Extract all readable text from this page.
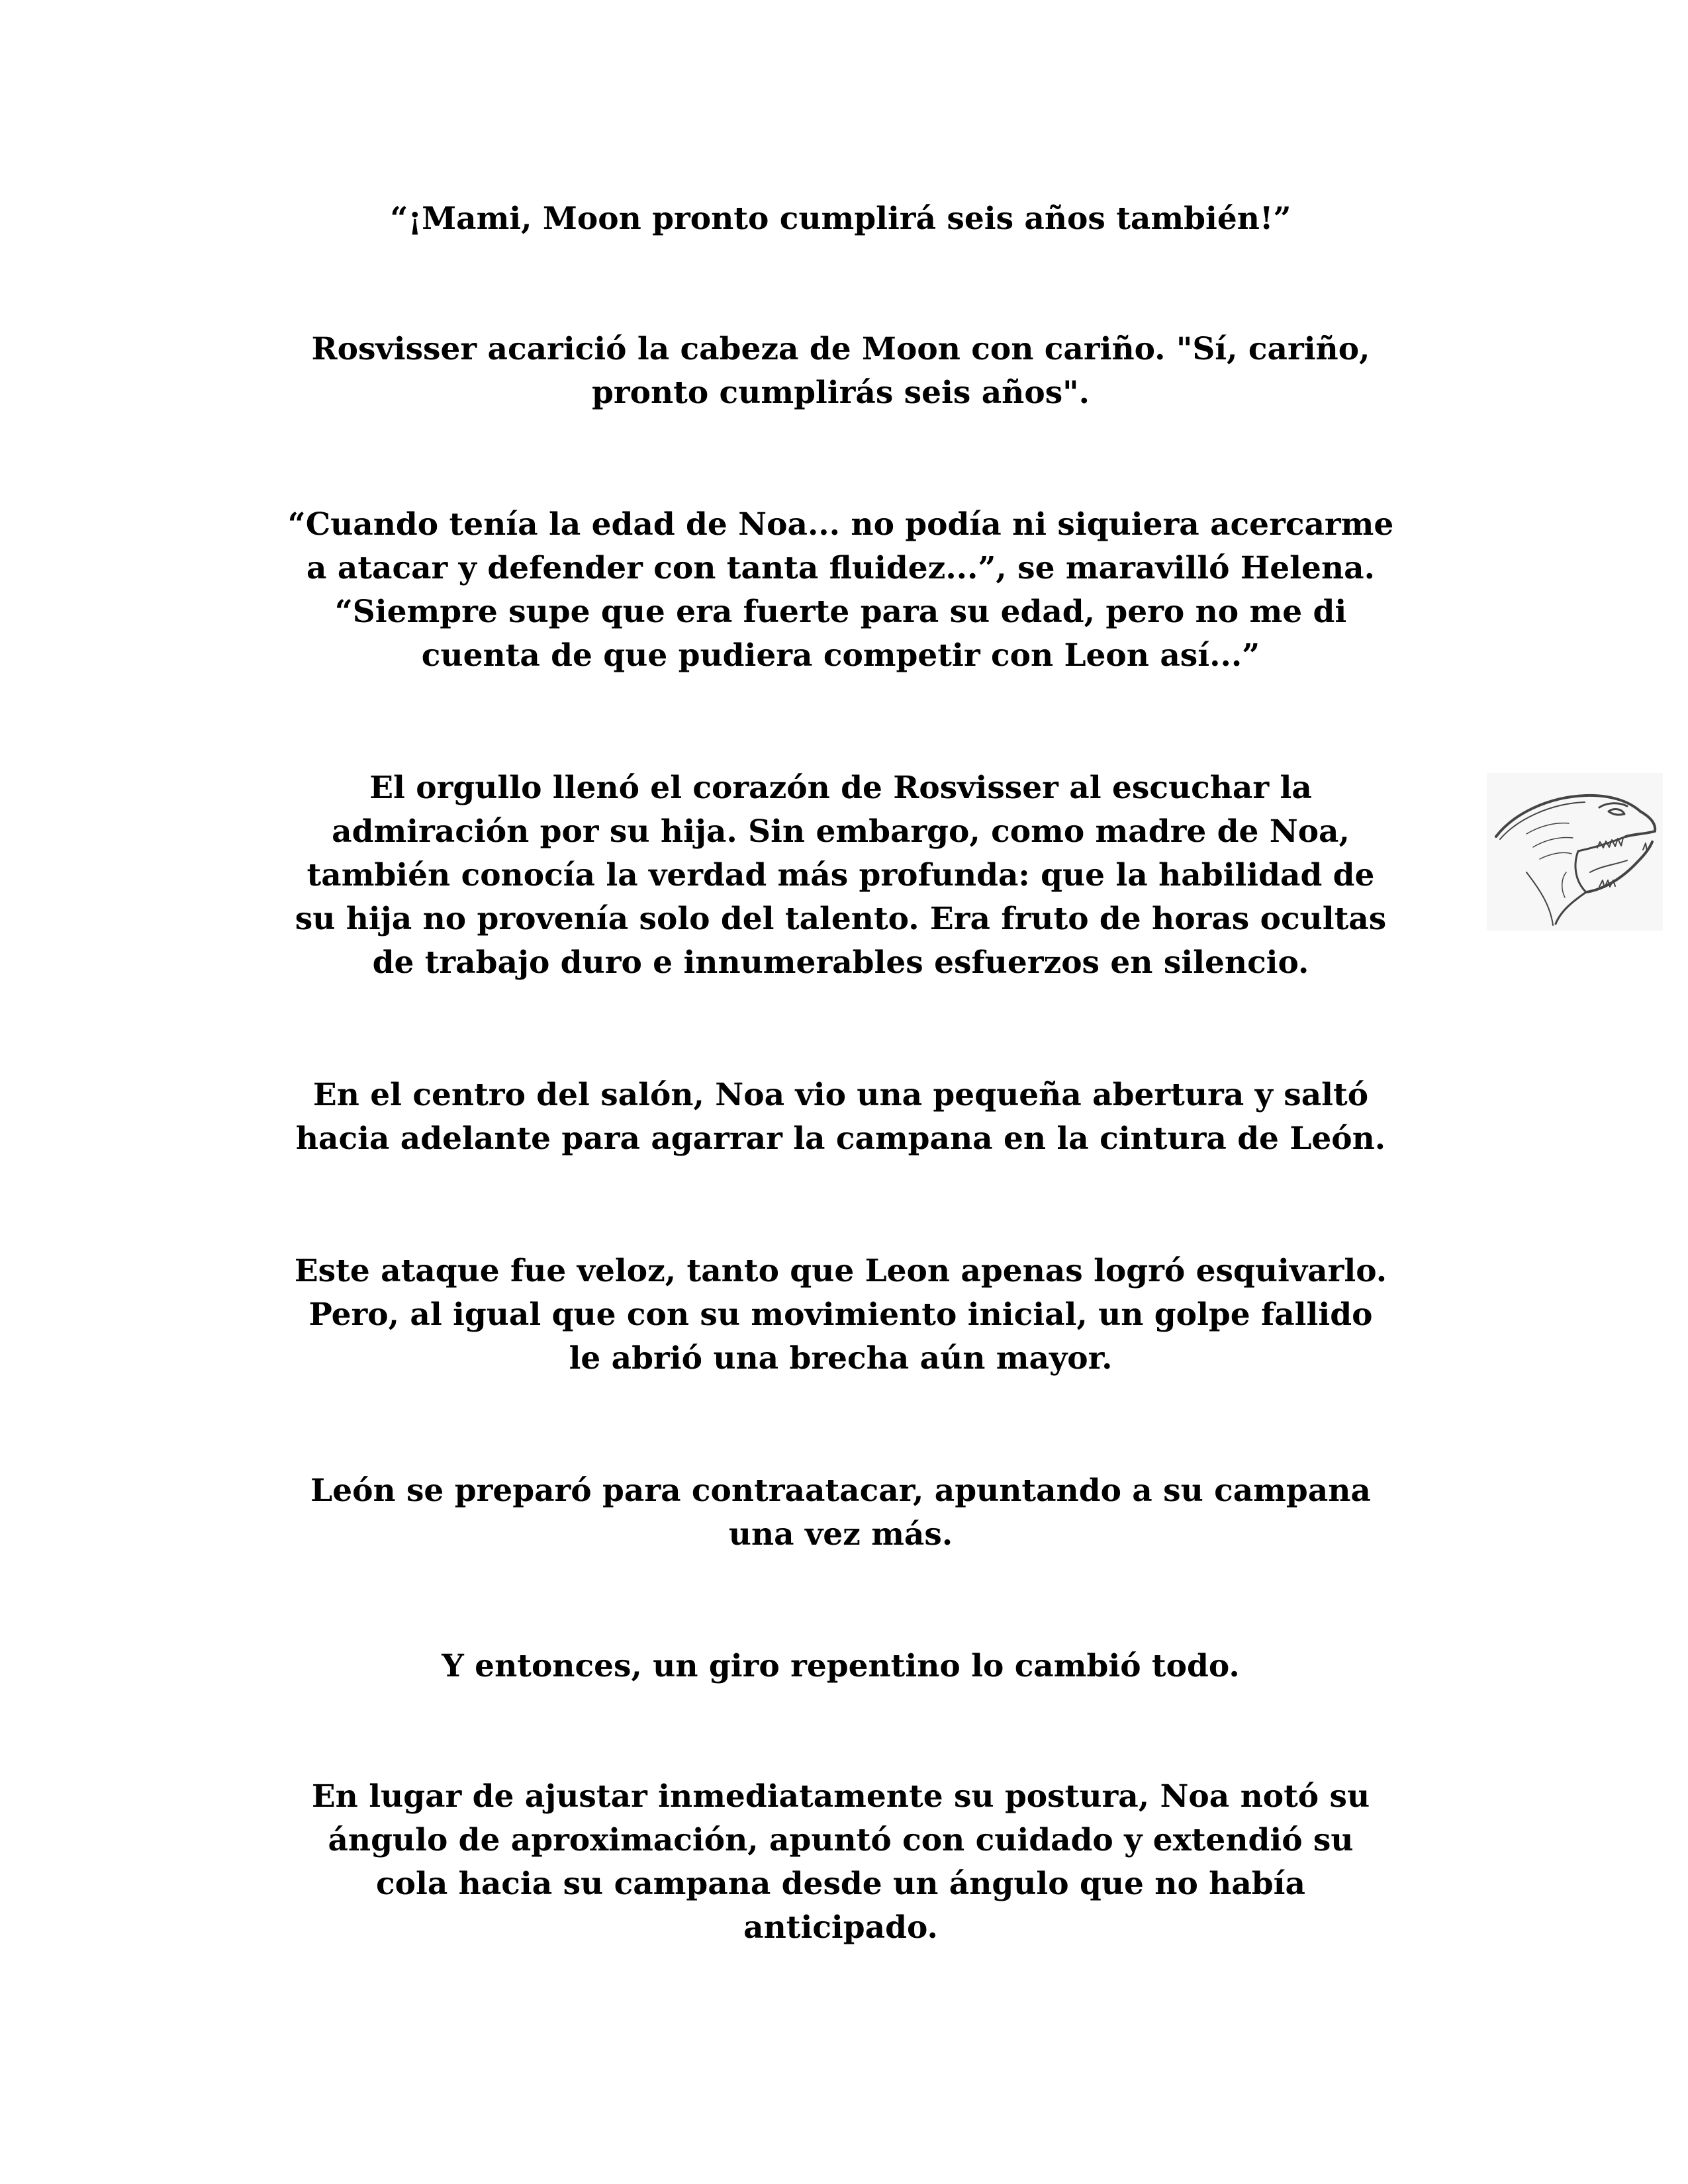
“¡Mami, Moon pronto cumplirá seis años también!”

Rosvisser acarició la cabeza de Moon con cariño. "Sí, cariño,
pronto cumplirás seis años".

“Cuando tenía la edad de Noa... no podía ni siquiera acercarme
a atacar y defender con tanta fluidez...”, se maravilló Helena.
“Siempre supe que era fuerte para su edad, pero no me di
cuenta de que pudiera competir con Leon así...”

El orgullo llenó el corazón de Rosvisser al escuchar la
admiración por su hija. Sin embargo, como madre de Noa,
también conocía la verdad más profunda: que la habilidad de
su hija no provenía solo del talento. Era fruto de horas ocultas
de trabajo duro e innumerables esfuerzos en silencio.

En el centro del salón, Noa vio una pequeña abertura y saltó
hacia adelante para agarrar la campana en la cintura de León.

Este ataque fue veloz, tanto que Leon apenas logró esquivarlo.
Pero, al igual que con su movimiento inicial, un golpe fallido
le abrió una brecha aún mayor.

León se preparó para contraatacar, apuntando a su campana
una vez más.

Y entonces, un giro repentino lo cambió todo.

En lugar de ajustar inmediatamente su postura, Noa notó su
ángulo de aproximación, apuntó con cuidado y extendió su
cola hacia su campana desde un ángulo que no había
anticipado.
